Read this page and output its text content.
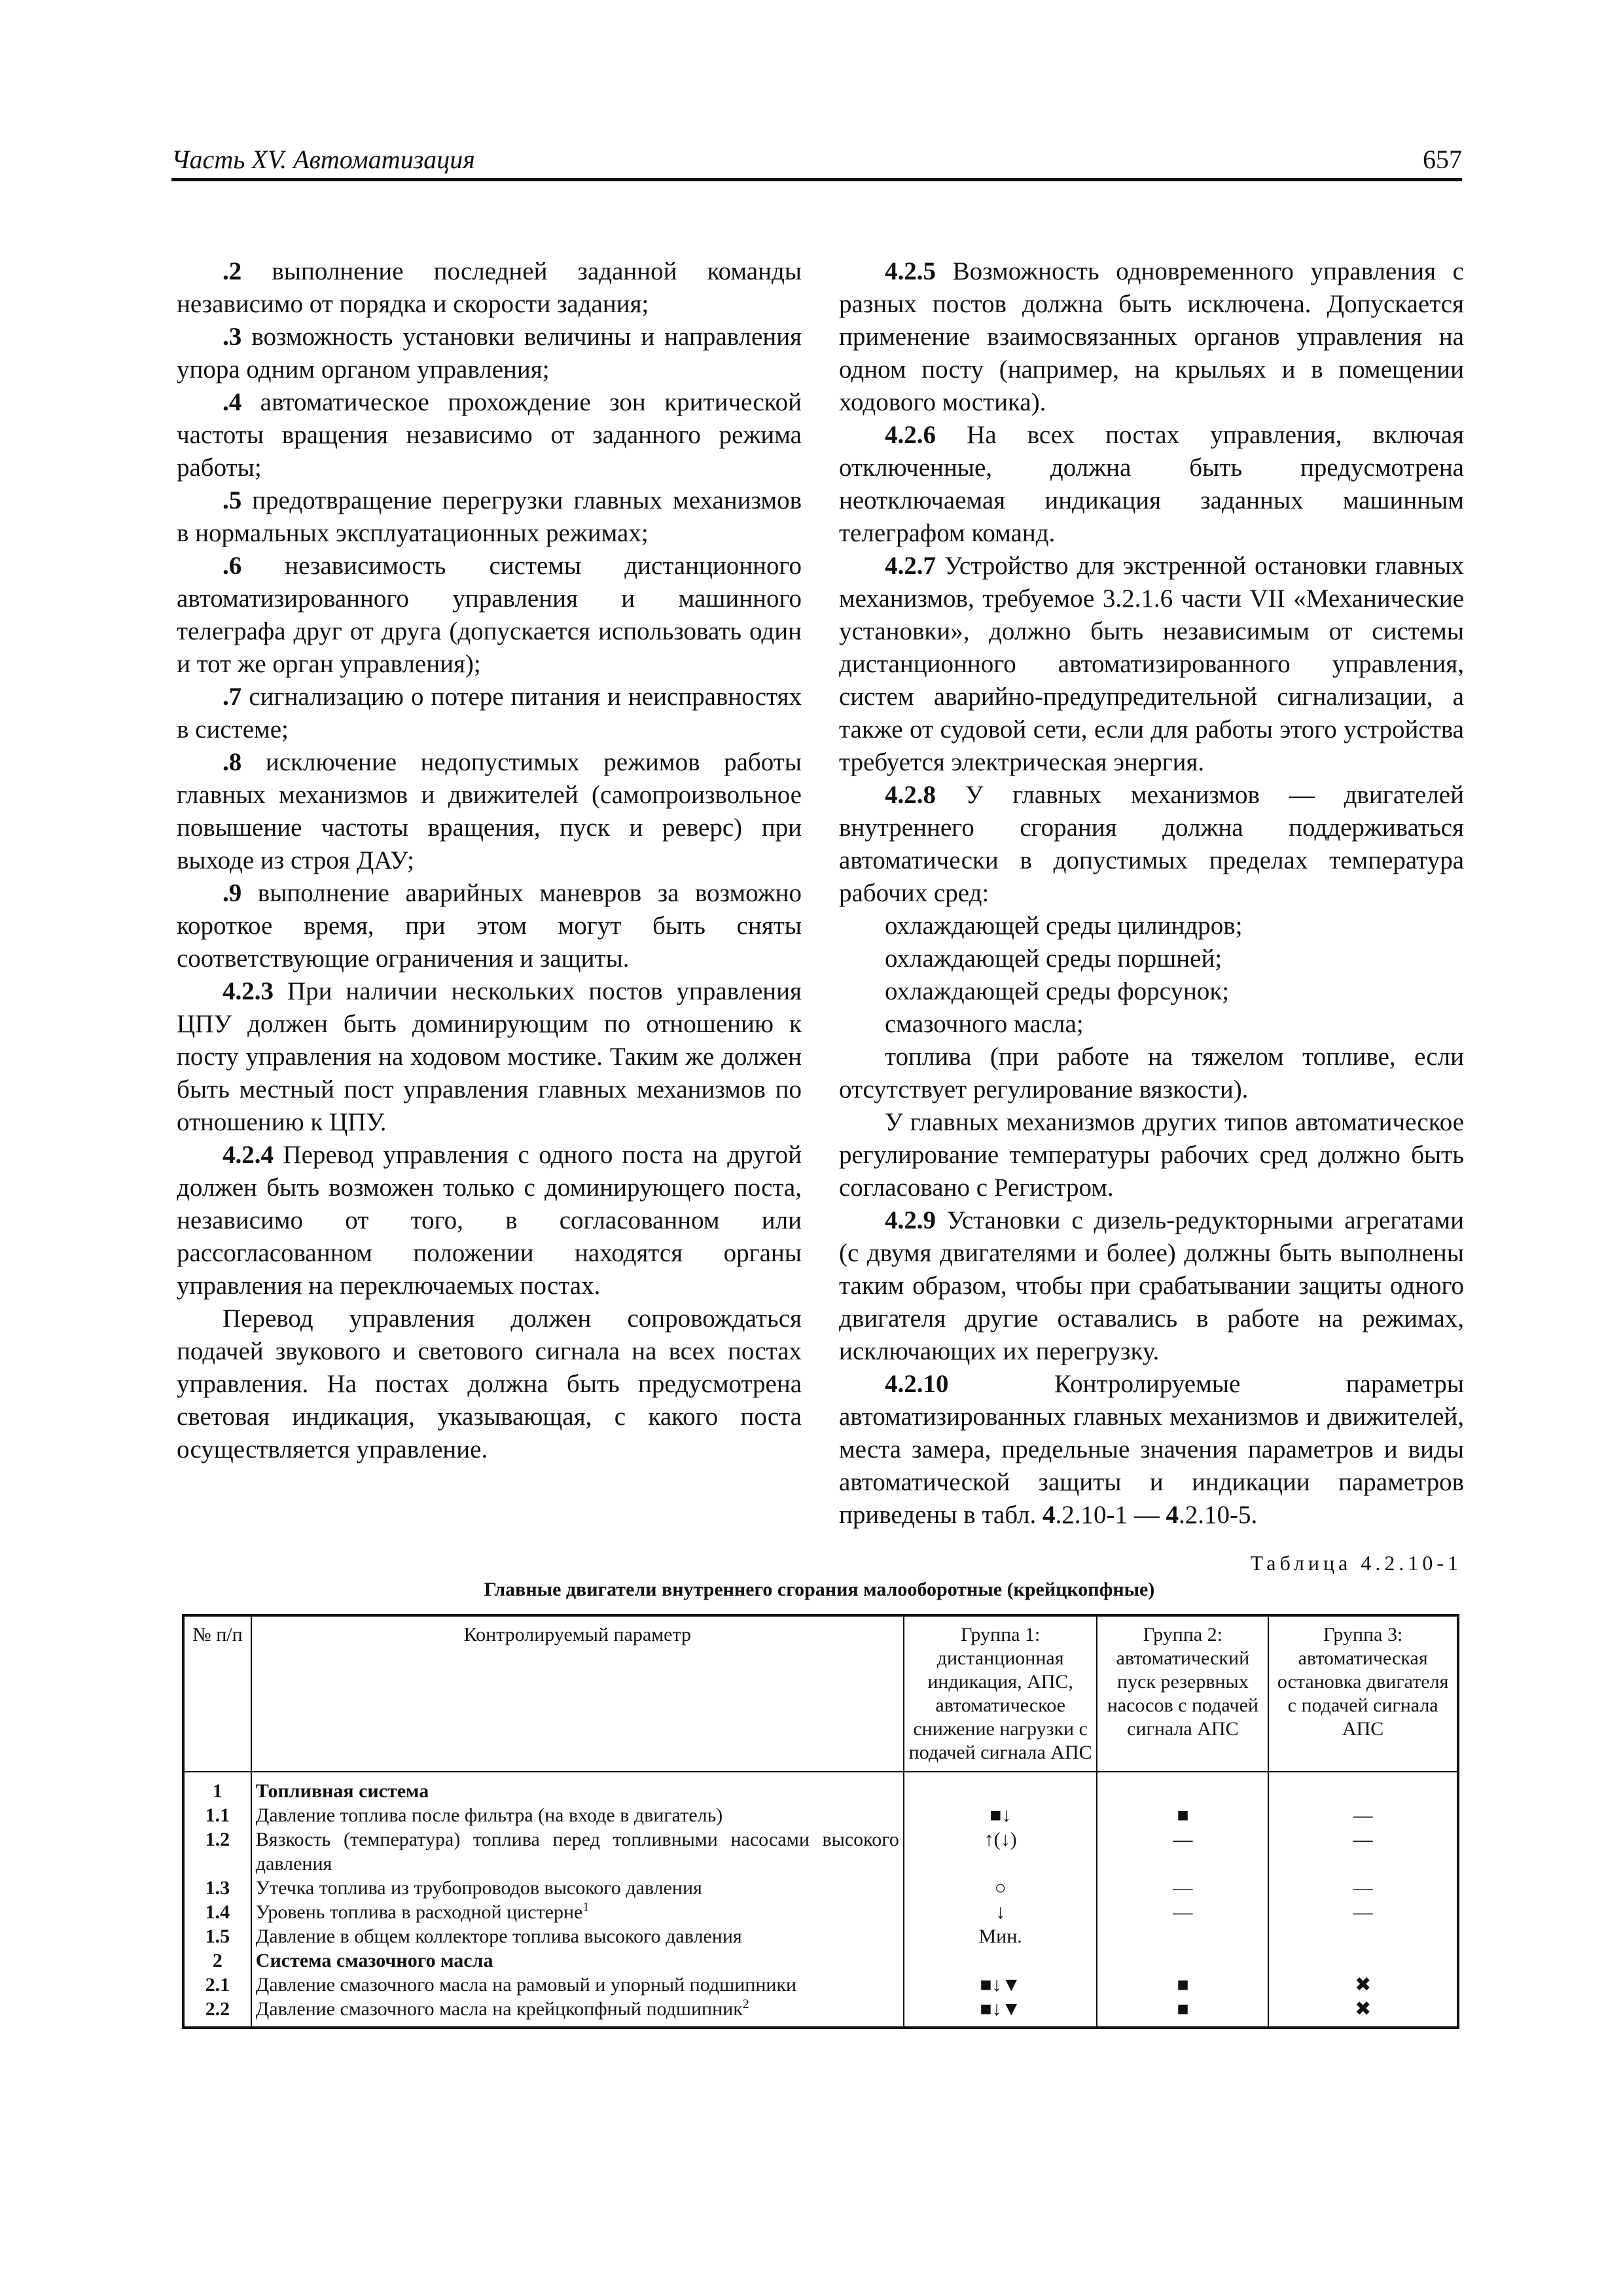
Часть XV. Автоматизация	657

.2 выполнение последней заданной команды независимо от порядка и скорости задания;

.3 возможность установки величины и направления упора одним органом управления;

.4 автоматическое прохождение зон критической частоты вращения независимо от заданного режима работы;

.5 предотвращение перегрузки главных механизмов в нормальных эксплуатационных режимах;

.6 независимость системы дистанционного автоматизированного управления и машинного телеграфа друг от друга (допускается использовать один и тот же орган управления);

.7 сигнализацию о потере питания и неисправностях в системе;

.8 исключение недопустимых режимов работы главных механизмов и движителей (самопроизвольное повышение частоты вращения, пуск и реверс) при выходе из строя ДАУ;

.9 выполнение аварийных маневров за возможно короткое время, при этом могут быть сняты соответствующие ограничения и защиты.

4.2.3 При наличии нескольких постов управления ЦПУ должен быть доминирующим по отношению к посту управления на ходовом мостике. Таким же должен быть местный пост управления главных механизмов по отношению к ЦПУ.

4.2.4 Перевод управления с одного поста на другой должен быть возможен только с доминирующего поста, независимо от того, в согласованном или рассогласованном положении находятся органы управления на переключаемых постах.

Перевод управления должен сопровождаться подачей звукового и светового сигнала на всех постах управления. На постах должна быть предусмотрена световая индикация, указывающая, с какого поста осуществляется управление.

4.2.5 Возможность одновременного управления с разных постов должна быть исключена. Допускается применение взаимосвязанных органов управления на одном посту (например, на крыльях и в помещении ходового мостика).

4.2.6 На всех постах управления, включая отключенные, должна быть предусмотрена неотключаемая индикация заданных машинным телеграфом команд.

4.2.7 Устройство для экстренной остановки главных механизмов, требуемое 3.2.1.6 части VII «Механические установки», должно быть независимым от системы дистанционного автоматизированного управления, систем аварийно-предупредительной сигнализации, а также от судовой сети, если для работы этого устройства требуется электрическая энергия.

4.2.8 У главных механизмов — двигателей внутреннего сгорания должна поддерживаться автоматически в допустимых пределах температура рабочих сред:

охлаждающей среды цилиндров;

охлаждающей среды поршней;

охлаждающей среды форсунок;

смазочного масла;

топлива (при работе на тяжелом топливе, если отсутствует регулирование вязкости).

У главных механизмов других типов автоматическое регулирование температуры рабочих сред должно быть согласовано с Регистром.

4.2.9 Установки с дизель-редукторными агрегатами (с двумя двигателями и более) должны быть выполнены таким образом, чтобы при срабатывании защиты одного двигателя другие оставались в работе на режимах, исключающих их перегрузку.

4.2.10 Контролируемые параметры автоматизированных главных механизмов и движителей, места замера, предельные значения параметров и виды автоматической защиты и индикации параметров приведены в табл. 4.2.10-1 — 4.2.10-5.

Таблица 4.2.10-1
Главные двигатели внутреннего сгорания малооборотные (крейцкопфные)
№ п/п	Контролируемый параметр	Группа 1: дистанционная индикация, АПС, автоматическое снижение нагрузки с подачей сигнала АПС	Группа 2: автоматический пуск резервных насосов с подачей сигнала АПС	Группа 3: автоматическая остановка двигателя с подачей сигнала АПС
1	Топливная система			
1.1	Давление топлива после фильтра (на входе в двигатель)	■↓	■	—
1.2	Вязкость (температура) топлива перед топливными насосами высокого давления	↑(↓)	—	—
1.3	Утечка топлива из трубопроводов высокого давления	○	—	—
1.4	Уровень топлива в расходной цистерне$^1$	↓	—	—
1.5	Давление в общем коллекторе топлива высокого давления	Мин.		
2	Система смазочного масла			
2.1	Давление смазочного масла на рамовый и упорный подшипники	■↓▼	■	✖
2.2	Давление смазочного масла на крейцкопфный подшипник$^2$	■↓▼	■	✖
